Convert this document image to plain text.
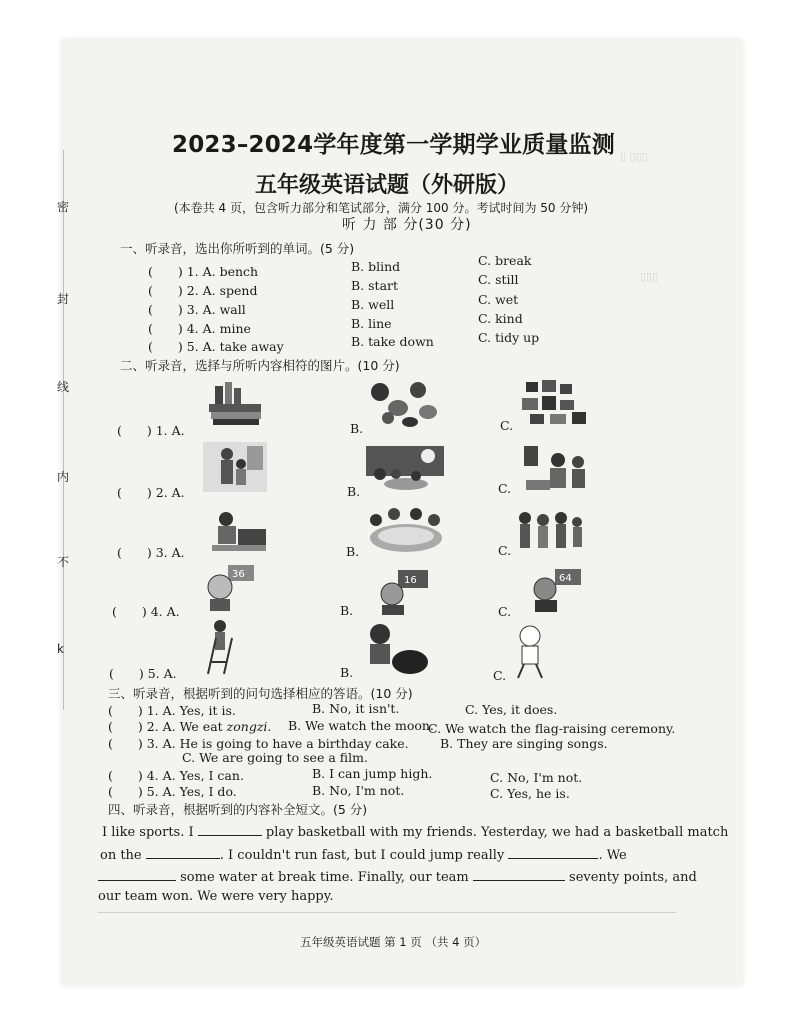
▯ ▯▯▯
▯▯▯
密
封
线
内
不
k
2023–2024学年度第一学期学业质量监测
五年级英语试题（外研版）
(本卷共 4 页，包含听力部分和笔试部分，满分 100 分。考试时间为 50 分钟)
听 力 部 分(30 分)
一、听录音，选出你所听到的单词。(5 分)
(　　) 1. A. bench	B. blind	C. break
(　　) 2. A. spend	B. start	C. still
(　　) 3. A. wall	B. well	C. wet
(　　) 4. A. mine	B. line	C. kind
(　　) 5. A. take away	B. take down	C. tidy up
二、听录音，选择与所听内容相符的图片。(10 分)
(　　) 1. A.	B.	C.
(　　) 2. A.	B.	C.
(　　) 3. A.	B.	C.
(　　) 4. A.	B.	C.
36
16	64
(　　) 5. A.	B.	C.
三、听录音，根据听到的问句选择相应的答语。(10 分)
(　　) 1. A. Yes, it is.	B. No, it isn't.	C. Yes, it does.
(　　) 2. A. We eat zongzi. B. We watch the moon.
C. We watch the flag-raising ceremony.
(　　) 3. A. He is going to have a birthday cake.	B. They are singing songs.
C. We are going to see a film.
(　　) 4. A. Yes, I can.	B. I can jump high.	C. No, I'm not.
(　　) 5. A. Yes, I do.	B. No, I'm not.	C. Yes, he is.
四、听录音，根据听到的内容补全短文。(5 分)
I like sports. I	play basketball with my friends. Yesterday, we had a basketball match
on the	. I couldn't run fast, but I could jump really	. We
some water at break time. Finally, our team	seventy points, and
our team won. We were very happy.
五年级英语试题 第 1 页 （共 4 页）
